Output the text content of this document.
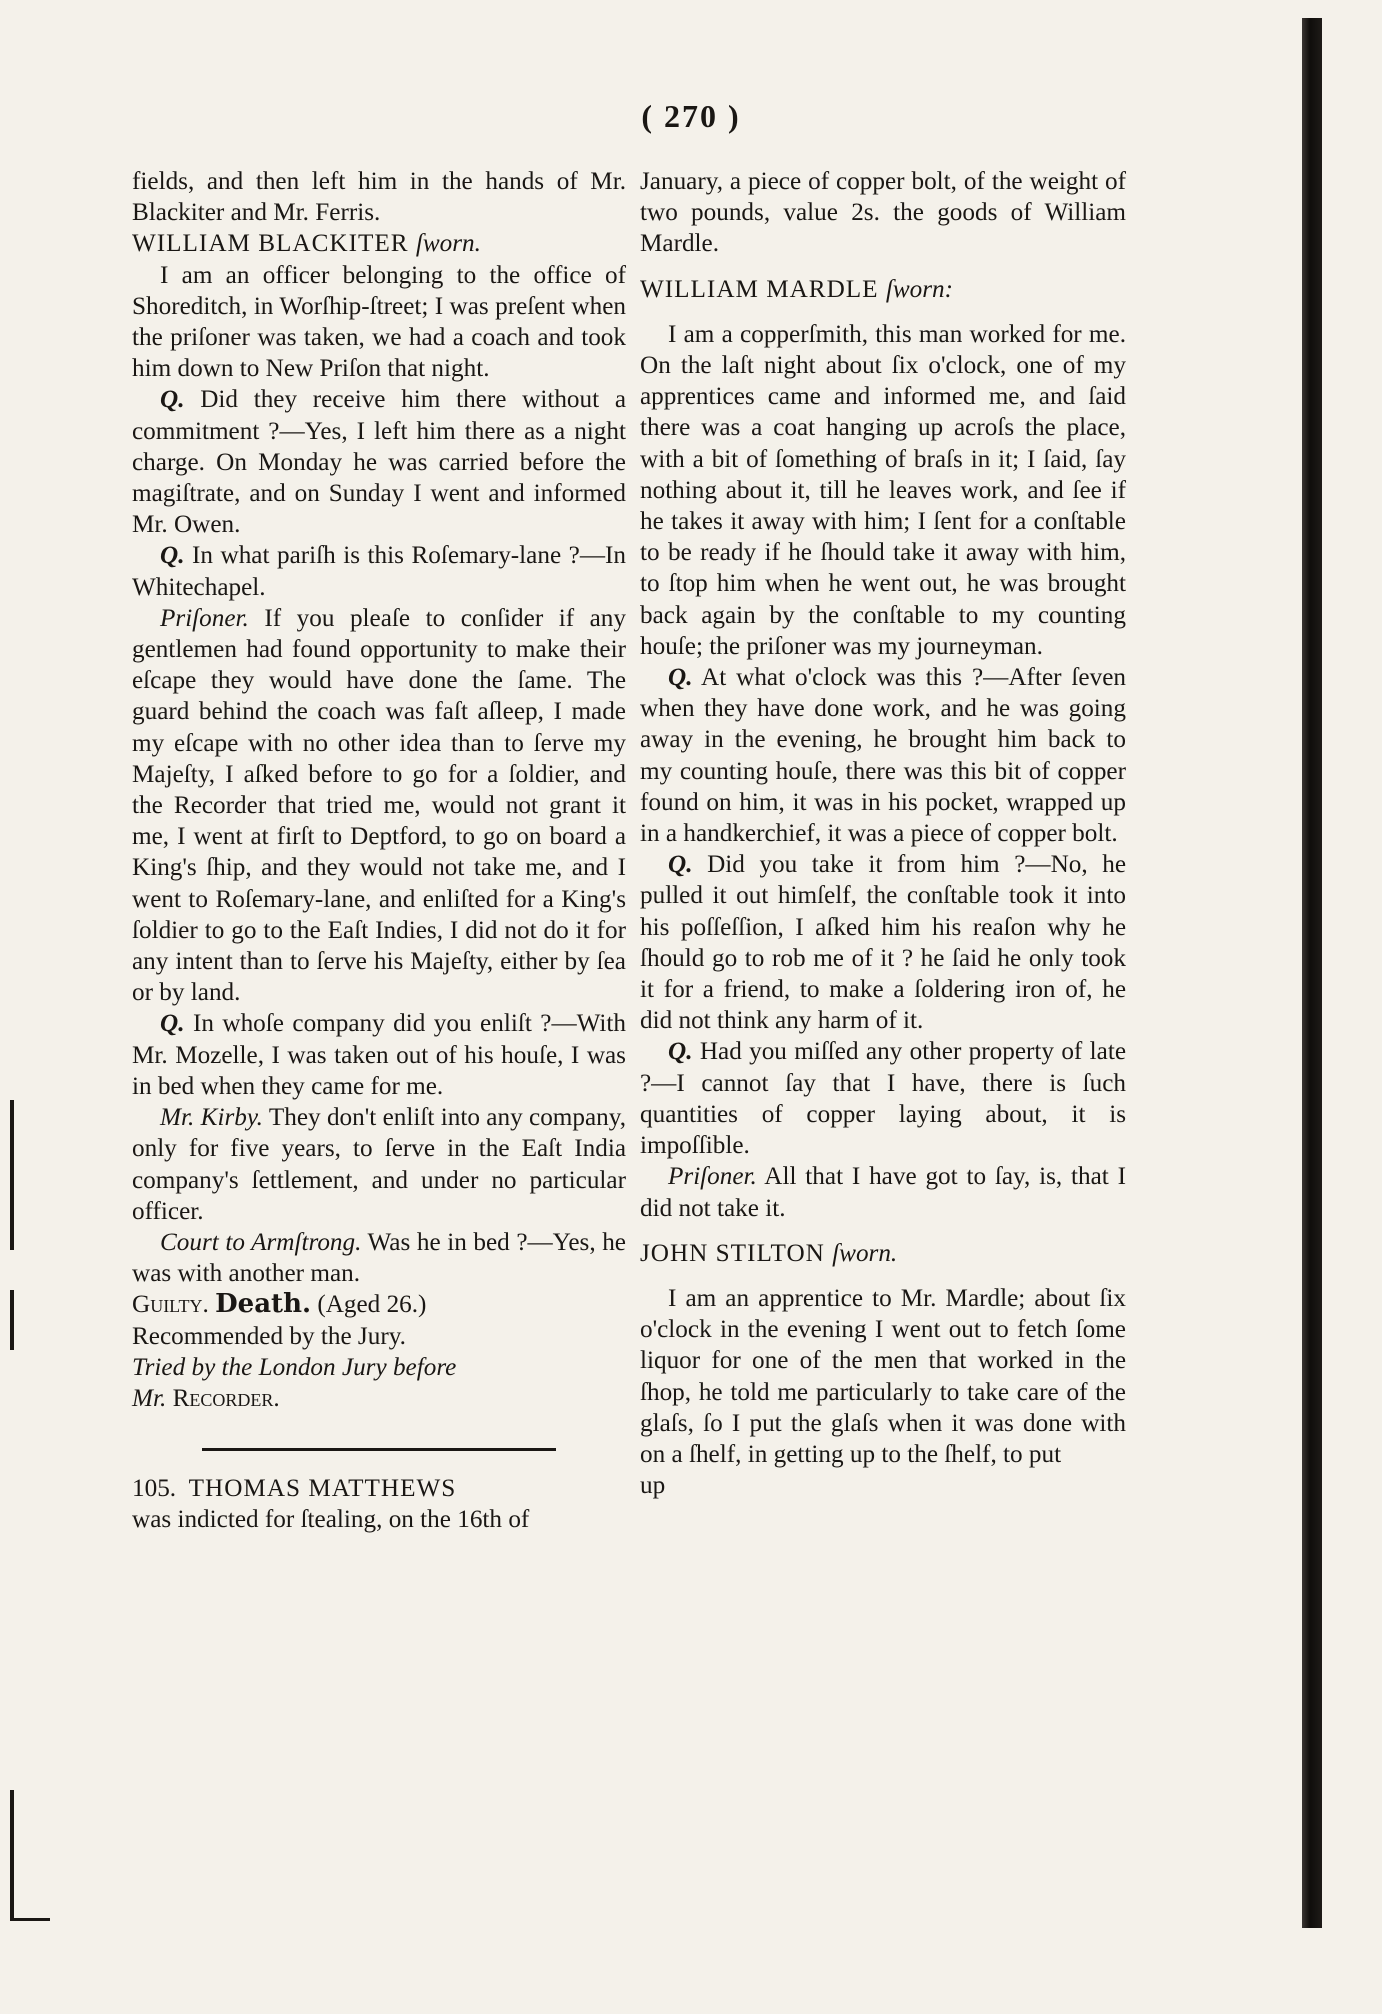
( 270 )

fields, and then left him in the hands of Mr. Blackiter and Mr. Ferris.

WILLIAM BLACKITER ſworn.

I am an officer belonging to the office of Shoreditch, in Worſhip-ſtreet; I was preſent when the priſoner was taken, we had a coach and took him down to New Priſon that night.

Q. Did they receive him there without a commitment ?—Yes, I left him there as a night charge. On Monday he was carried before the magiſtrate, and on Sunday I went and informed Mr. Owen.

Q. In what pariſh is this Roſemary-lane ?—In Whitechapel.

Priſoner. If you pleaſe to conſider if any gentlemen had found opportunity to make their eſcape they would have done the ſame. The guard behind the coach was faſt aſleep, I made my eſcape with no other idea than to ſerve my Majeſty, I aſked before to go for a ſoldier, and the Recorder that tried me, would not grant it me, I went at firſt to Deptford, to go on board a King's ſhip, and they would not take me, and I went to Roſemary-lane, and enliſted for a King's ſoldier to go to the Eaſt Indies, I did not do it for any intent than to ſerve his Majeſty, either by ſea or by land.

Q. In whoſe company did you enliſt ?—With Mr. Mozelle, I was taken out of his houſe, I was in bed when they came for me.

Mr. Kirby. They don't enliſt into any company, only for five years, to ſerve in the Eaſt India company's ſettlement, and under no particular officer.

Court to Armſtrong. Was he in bed ?—Yes, he was with another man.

Guilty. Death. (Aged 26.)

Recommended by the Jury.

Tried by the London Jury before

Mr. Recorder.

105. THOMAS MATTHEWS

was indicted for ſtealing, on the 16th of

January, a piece of copper bolt, of the weight of two pounds, value 2s. the goods of William Mardle.

WILLIAM MARDLE ſworn:

I am a copperſmith, this man worked for me. On the laſt night about ſix o'clock, one of my apprentices came and informed me, and ſaid there was a coat hanging up acroſs the place, with a bit of ſomething of braſs in it; I ſaid, ſay nothing about it, till he leaves work, and ſee if he takes it away with him; I ſent for a conſtable to be ready if he ſhould take it away with him, to ſtop him when he went out, he was brought back again by the conſtable to my counting houſe; the priſoner was my journeyman.

Q. At what o'clock was this ?—After ſeven when they have done work, and he was going away in the evening, he brought him back to my counting houſe, there was this bit of copper found on him, it was in his pocket, wrapped up in a handkerchief, it was a piece of copper bolt.

Q. Did you take it from him ?—No, he pulled it out himſelf, the conſtable took it into his poſſeſſion, I aſked him his reaſon why he ſhould go to rob me of it ? he ſaid he only took it for a friend, to make a ſoldering iron of, he did not think any harm of it.

Q. Had you miſſed any other property of late ?—I cannot ſay that I have, there is ſuch quantities of copper laying about, it is impoſſible.

Priſoner. All that I have got to ſay, is, that I did not take it.

JOHN STILTON ſworn.

I am an apprentice to Mr. Mardle; about ſix o'clock in the evening I went out to fetch ſome liquor for one of the men that worked in the ſhop, he told me particularly to take care of the glaſs, ſo I put the glaſs when it was done with on a ſhelf, in getting up to the ſhelf, to put

up
